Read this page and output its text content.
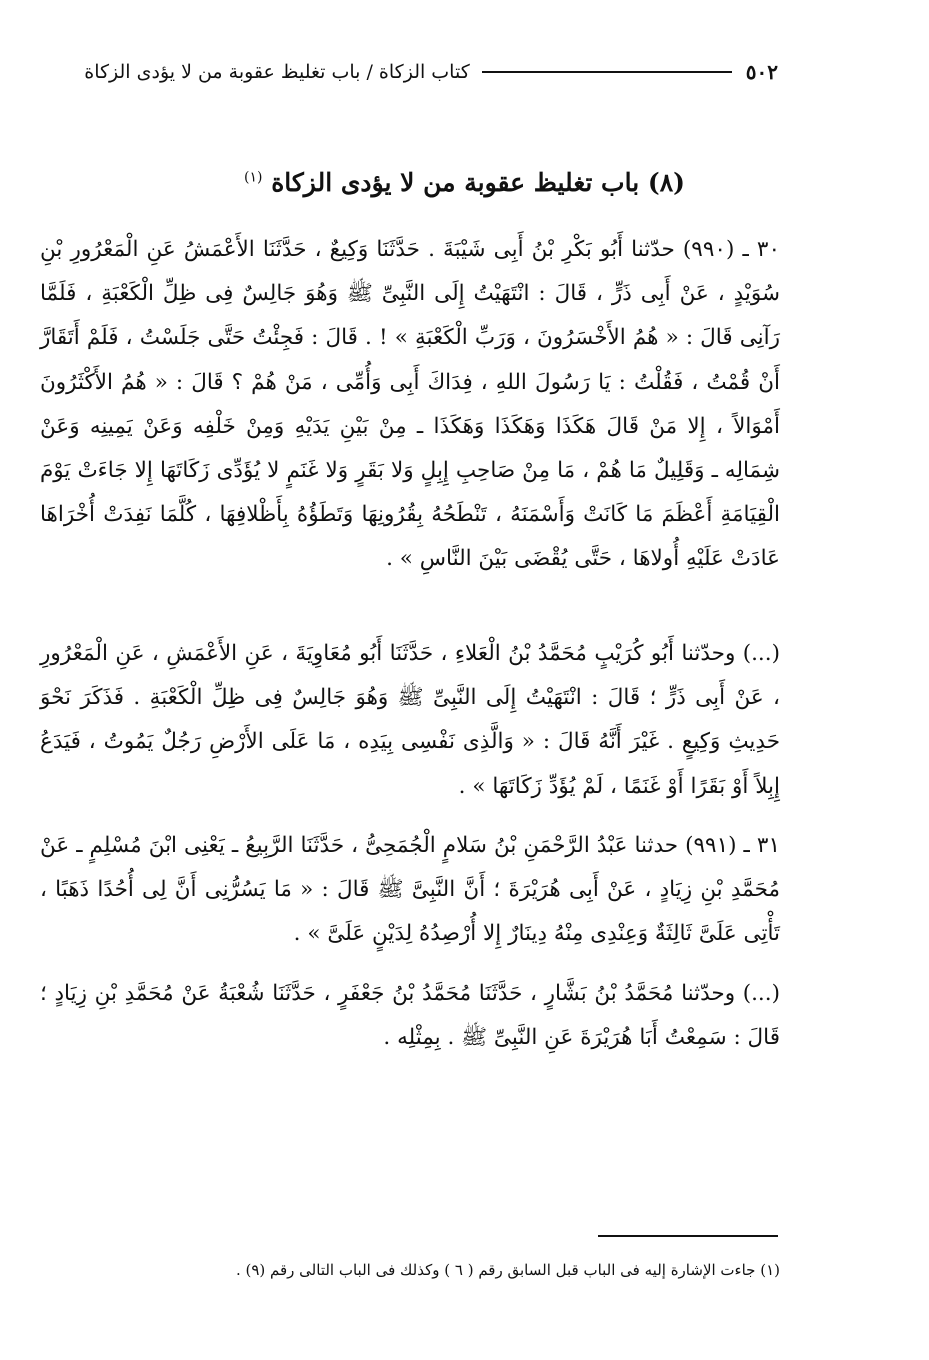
٥٠٢
كتاب الزكاة / باب تغليظ عقوبة من لا يؤدى الزكاة
(٨) باب تغليظ عقوبة من لا يؤدى الزكاة $^{(١)}$

٣٠ ـ (٩٩٠) حدّثنا أَبُو بَكْرِ بْنُ أَبِى شَيْبَةَ . حَدَّثَنَا وَكِيعٌ ، حَدَّثَنَا الأَعْمَشُ عَنِ الْمَعْرُورِ بْنِ سُوَيْدٍ ، عَنْ أَبِى ذَرٍّ ، قَالَ : انْتَهَيْتُ إِلَى النَّبِىِّ ﷺ وَهُوَ جَالِسٌ فِى ظِلِّ الْكَعْبَةِ ، فَلَمَّا رَآنِى قَالَ : « هُمُ الأَخْسَرُونَ ، وَرَبِّ الْكَعْبَةِ » ! . قَالَ : فَجِئْتُ حَتَّى جَلَسْتُ ، فَلَمْ أَتَقَارَّ أَنْ قُمْتُ ، فَقُلْتُ : يَا رَسُولَ اللهِ ، فِدَاكَ أَبِى وَأُمِّى ، مَنْ هُمْ ؟ قَالَ : « هُمُ الأَكْثَرُونَ أَمْوَالاً ، إِلا مَنْ قَالَ هَكَذَا وَهَكَذَا وَهَكَذَا ـ مِنْ بَيْنِ يَدَيْهِ وَمِنْ خَلْفِه وَعَنْ يَمِينِه وَعَنْ شِمَالِه ـ وَقَلِيلٌ مَا هُمْ ، مَا مِنْ صَاحِبِ إِبِلٍ وَلا بَقَرٍ وَلا غَنَمٍ لا يُؤَدِّى زَكَاتَهَا إِلا جَاءَتْ يَوْمَ الْقِيَامَةِ أَعْظَمَ مَا كَانَتْ وَأَسْمَنَهُ ، تَنْطَحُهُ بِقُرُونِهَا وَتَطَؤُهُ بِأَظْلافِهَا ، كُلَّمَا نَفِدَتْ أُخْرَاهَا عَادَتْ عَلَيْهِ أُولاهَا ، حَتَّى يُقْضَى بَيْنَ النَّاسِ » .

(...) وحدّثنا أَبُو كُرَيْبٍ مُحَمَّدُ بْنُ الْعَلاءِ ، حَدَّثَنَا أَبُو مُعَاوِيَةَ ، عَنِ الأَعْمَشِ ، عَنِ الْمَعْرُورِ ، عَنْ أَبِى ذَرٍّ ؛ قَالَ : انْتَهَيْتُ إِلَى النَّبِىِّ ﷺ وَهُوَ جَالِسٌ فِى ظِلِّ الْكَعْبَةِ . فَذَكَرَ نَحْوَ حَدِيثِ وَكِيعٍ . غَيْرَ أَنَّهُ قَالَ : « وَالَّذِى نَفْسِى بِيَدِه ، مَا عَلَى الأَرْضِ رَجُلٌ يَمُوتُ ، فَيَدَعُ إِبِلاً أَوْ بَقَرًا أَوْ غَنَمًا ، لَمْ يُؤَدِّ زَكَاتَهَا » .

٣١ ـ (٩٩١) حدثنا عَبْدُ الرَّحْمَنِ بْنُ سَلامٍ الْجُمَحِىُّ ، حَدَّثَنَا الرَّبِيعُ ـ يَعْنِى ابْنَ مُسْلِمٍ ـ عَنْ مُحَمَّدِ بْنِ زِيَادٍ ، عَنْ أَبِى هُرَيْرَةَ ؛ أَنَّ النَّبِىَّ ﷺ قَالَ : « مَا يَسُرُّنِى أَنَّ لِى أُحُدًا ذَهَبًا ، تَأْتِى عَلَىَّ ثَالِثَةٌ وَعِنْدِى مِنْهُ دِينَارٌ إِلا أُرْصِدُهُ لِدَيْنٍ عَلَىَّ » .

(...) وحدّثنا مُحَمَّدُ بْنُ بَشَّارٍ ، حَدَّثَنَا مُحَمَّدُ بْنُ جَعْفَرٍ ، حَدَّثَنَا شُعْبَةُ عَنْ مُحَمَّدِ بْنِ زِيَادٍ ؛ قَالَ : سَمِعْتُ أَبَا هُرَيْرَةَ عَنِ النَّبِىِّ ﷺ . بِمِثْلِه .

(١) جاءت الإشارة إليه فى الباب قبل السابق رقم ( ٦ ) وكذلك فى الباب التالى رقم (٩) .
